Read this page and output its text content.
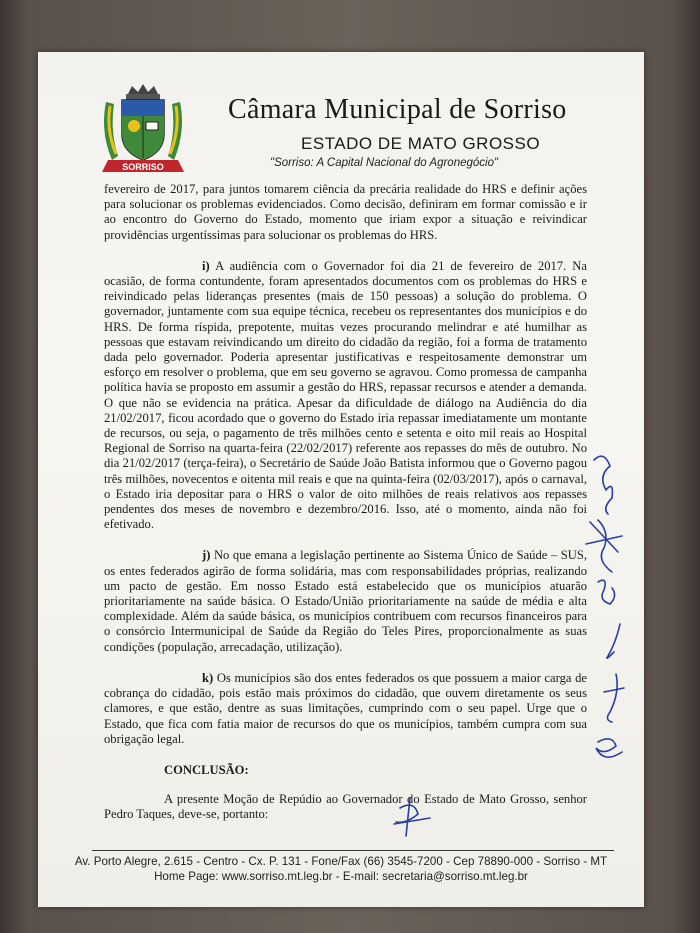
SORRISO
Câmara Municipal de Sorriso
ESTADO DE MATO GROSSO
"Sorriso: A Capital Nacional do Agronegócio"

fevereiro de 2017, para juntos tomarem ciência da precária realidade do HRS e definir ações para solucionar os problemas evidenciados. Como decisão, definiram em formar comissão e ir ao encontro do Governo do Estado, momento que iriam expor a situação e reivindicar providências urgentíssimas para solucionar os problemas do HRS.

i) A audiência com o Governador foi dia 21 de fevereiro de 2017. Na ocasião, de forma contundente, foram apresentados documentos com os problemas do HRS e reivindicado pelas lideranças presentes (mais de 150 pessoas) a solução do problema. O governador, juntamente com sua equipe técnica, recebeu os representantes dos municípios e do HRS. De forma ríspida, prepotente, muitas vezes procurando melindrar e até humilhar as pessoas que estavam reivindicando um direito do cidadão da região, foi a forma de tratamento dada pelo governador. Poderia apresentar justificativas e respeitosamente demonstrar um esforço em resolver o problema, que em seu governo se agravou. Como promessa de campanha política havia se proposto em assumir a gestão do HRS, repassar recursos e atender a demanda. O que não se evidencia na prática. Apesar da dificuldade de diálogo na Audiência do dia 21/02/2017, ficou acordado que o governo do Estado iria repassar imediatamente um montante de recursos, ou seja, o pagamento de três milhões cento e setenta e oito mil reais ao Hospital Regional de Sorriso na quarta-feira (22/02/2017) referente aos repasses do mês de outubro. No dia 21/02/2017 (terça-feira), o Secretário de Saúde João Batista informou que o Governo pagou três milhões, novecentos e oitenta mil reais e que na quinta-feira (02/03/2017), após o carnaval, o Estado iria depositar para o HRS o valor de oito milhões de reais relativos aos repasses pendentes dos meses de novembro e dezembro/2016. Isso, até o momento, ainda não foi efetivado.

j) No que emana a legislação pertinente ao Sistema Único de Saúde – SUS, os entes federados agirão de forma solidária, mas com responsabilidades próprias, realizando um pacto de gestão. Em nosso Estado está estabelecido que os municípios atuarão prioritariamente na saúde básica. O Estado/União prioritariamente na saúde de média e alta complexidade. Além da saúde básica, os municípios contribuem com recursos financeiros para o consórcio Intermunicipal de Saúde da Região do Teles Pires, proporcionalmente as suas condições (população, arrecadação, utilização).

k) Os municípios são dos entes federados os que possuem a maior carga de cobrança do cidadão, pois estão mais próximos do cidadão, que ouvem diretamente os seus clamores, e que estão, dentre as suas limitações, cumprindo com o seu papel. Urge que o Estado, que fica com fatia maior de recursos do que os municípios, também cumpra com sua obrigação legal.

CONCLUSÃO:

A presente Moção de Repúdio ao Governador do Estado de Mato Grosso, senhor Pedro Taques, deve-se, portanto:

Av. Porto Alegre, 2.615 - Centro - Cx. P. 131 - Fone/Fax (66) 3545-7200 - Cep 78890-000 - Sorriso - MT
Home Page: www.sorriso.mt.leg.br - E-mail: secretaria@sorriso.mt.leg.br
